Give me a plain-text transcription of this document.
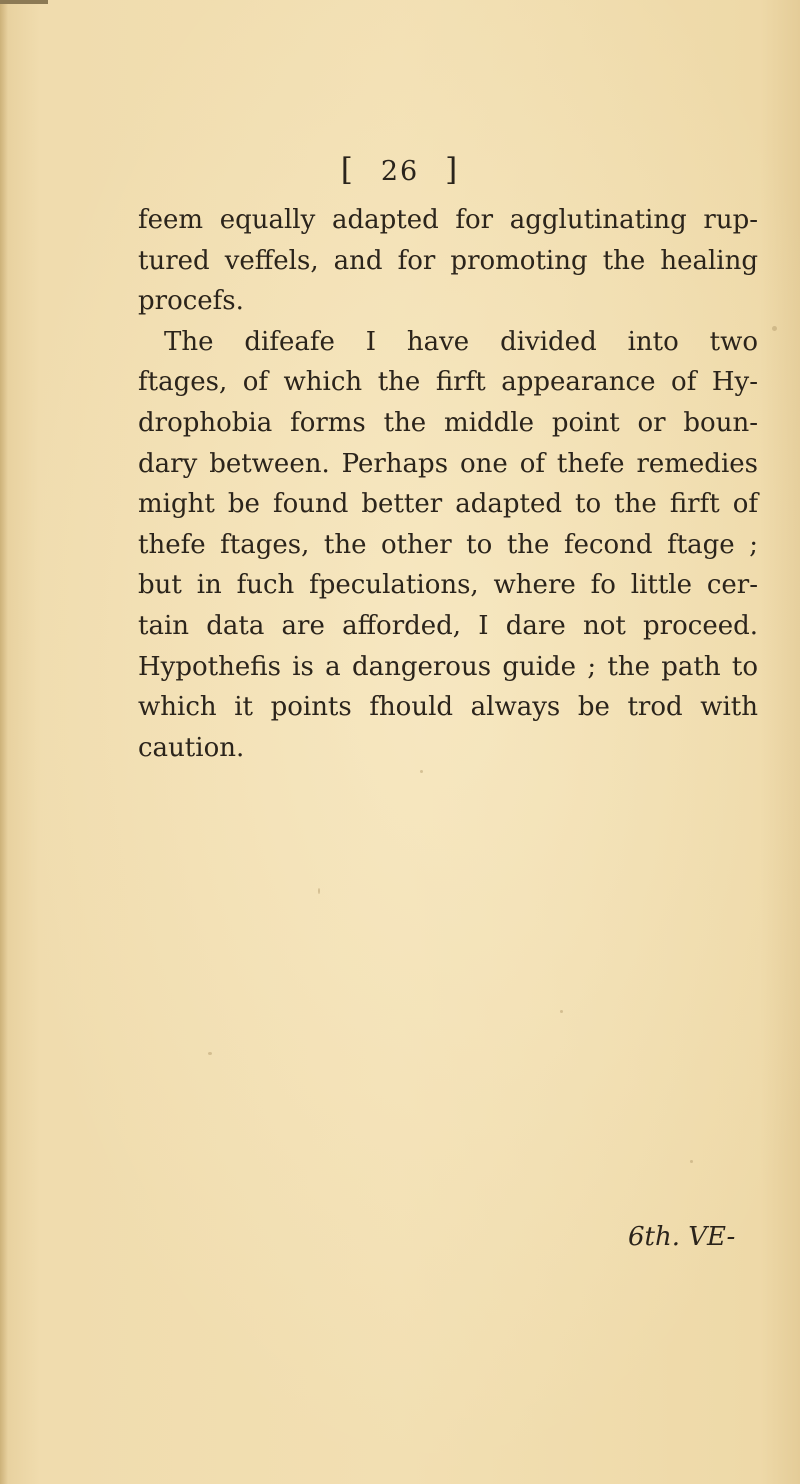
[ 26 ]
feem equally adapted for agglutinating rup-
tured veffels, and for promoting the healing
procefs.
The difeafe I have divided into two
ftages, of which the firft appearance of Hy-
drophobia forms the middle point or boun-
dary between. Perhaps one of thefe remedies
might be found better adapted to the firft of
thefe ftages, the other to the fecond ftage ;
but in fuch fpeculations, where fo little cer-
tain data are afforded, I dare not proceed.
Hypothefis is a dangerous guide ; the path to
which it points fhould always be trod with
caution.
6th. VE-
